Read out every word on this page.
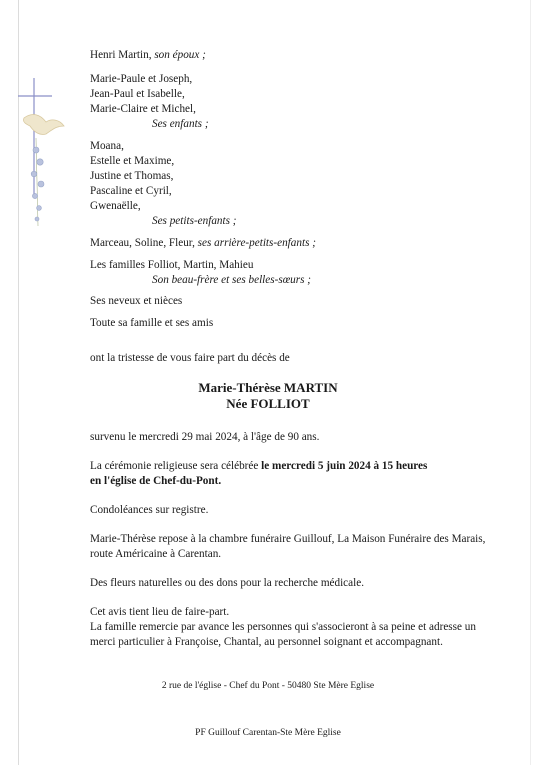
Henri Martin, son époux ;
Marie-Paule et Joseph,
Jean-Paul et Isabelle,
Marie-Claire et Michel,
Ses enfants ;
Moana,
Estelle et Maxime,
Justine et Thomas,
Pascaline et Cyril,
Gwenaëlle,
Ses petits-enfants ;
Marceau, Soline, Fleur, ses arrière-petits-enfants ;
Les familles Folliot, Martin, Mahieu
Son beau-frère et ses belles-sœurs ;
Ses neveux et nièces
Toute sa famille et ses amis
ont la tristesse de vous faire part du décès de
Marie-Thérèse MARTIN
Née FOLLIOT
survenu le mercredi 29 mai 2024, à l'âge de 90 ans.
La cérémonie religieuse sera célébrée le mercredi 5 juin 2024 à 15 heures
en l'église de Chef-du-Pont.
Condoléances sur registre.
Marie-Thérèse repose à la chambre funéraire Guillouf, La Maison Funéraire des Marais,
route Américaine à Carentan.
Des fleurs naturelles ou des dons pour la recherche médicale.
Cet avis tient lieu de faire-part.
La famille remercie par avance les personnes qui s'associeront à sa peine et adresse un
merci particulier à Françoise, Chantal, au personnel soignant et accompagnant.
2 rue de l'église - Chef du Pont - 50480 Ste Mère Eglise
PF Guillouf Carentan-Ste Mère Eglise
